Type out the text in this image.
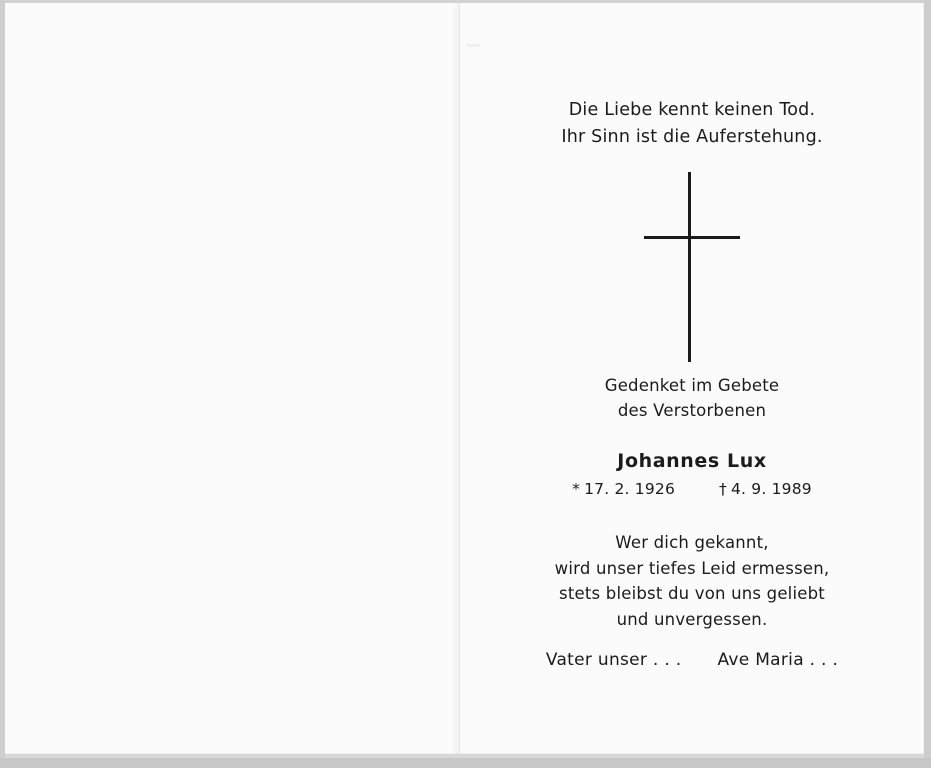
Die Liebe kennt keinen Tod.
Ihr Sinn ist die Auferstehung.
Gedenket im Gebete
des Verstorbenen
Johannes Lux
* 17. 2. 1926	† 4. 9. 1989
Wer dich gekannt,
wird unser tiefes Leid ermessen,
stets bleibst du von uns geliebt
und unvergessen.
Vater unser . . . Ave Maria . . .
